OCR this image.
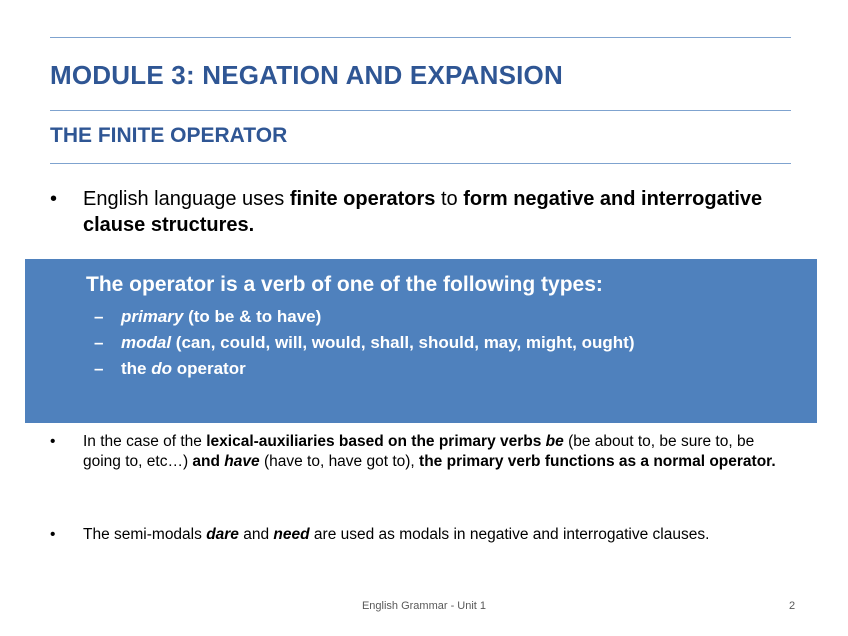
MODULE 3: NEGATION AND EXPANSION
THE FINITE OPERATOR
• English language uses finite operators to form negative and interrogative clause structures.
The operator is a verb of one of the following types:
– primary (to be & to have)
– modal (can, could, will, would, shall, should, may, might, ought)
– the do operator
• In the case of the lexical-auxiliaries based on the primary verbs be (be about to, be sure to, be going to, etc…) and have (have to, have got to), the primary verb functions as a normal operator.
• The semi-modals dare and need are used as modals in negative and interrogative clauses.
English Grammar - Unit 1	2
